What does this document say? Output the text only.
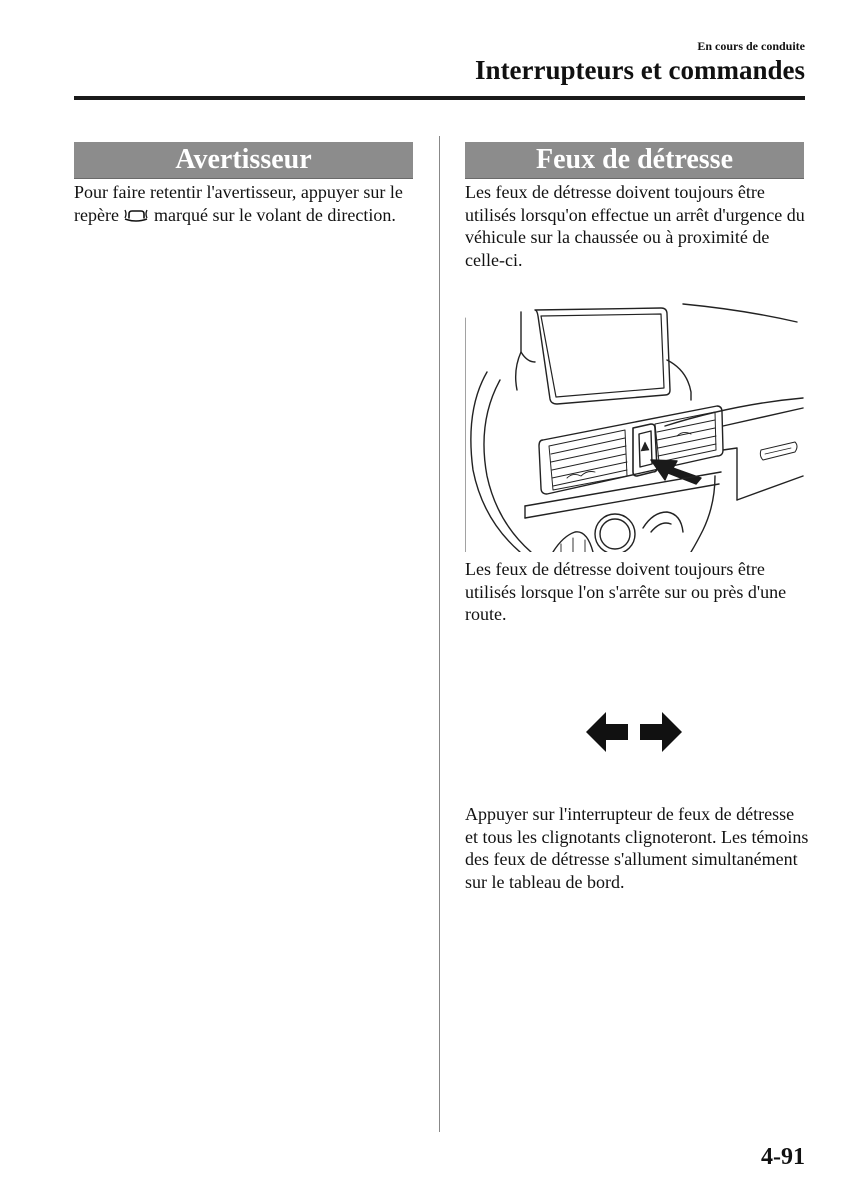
En cours de conduite
Interrupteurs et commandes
Avertisseur

Pour faire retentir l'avertisseur, appuyer sur le repère marqué sur le volant de direction.

Feux de détresse

Les feux de détresse doivent toujours être utilisés lorsqu'on effectue un arrêt d'urgence du véhicule sur la chaussée ou à proximité de celle-ci.

Les feux de détresse doivent toujours être utilisés lorsque l'on s'arrête sur ou près d'une route.

Appuyer sur l'interrupteur de feux de détresse et tous les clignotants clignoteront. Les témoins des feux de détresse s'allument simultanément sur le tableau de bord.

4-91
